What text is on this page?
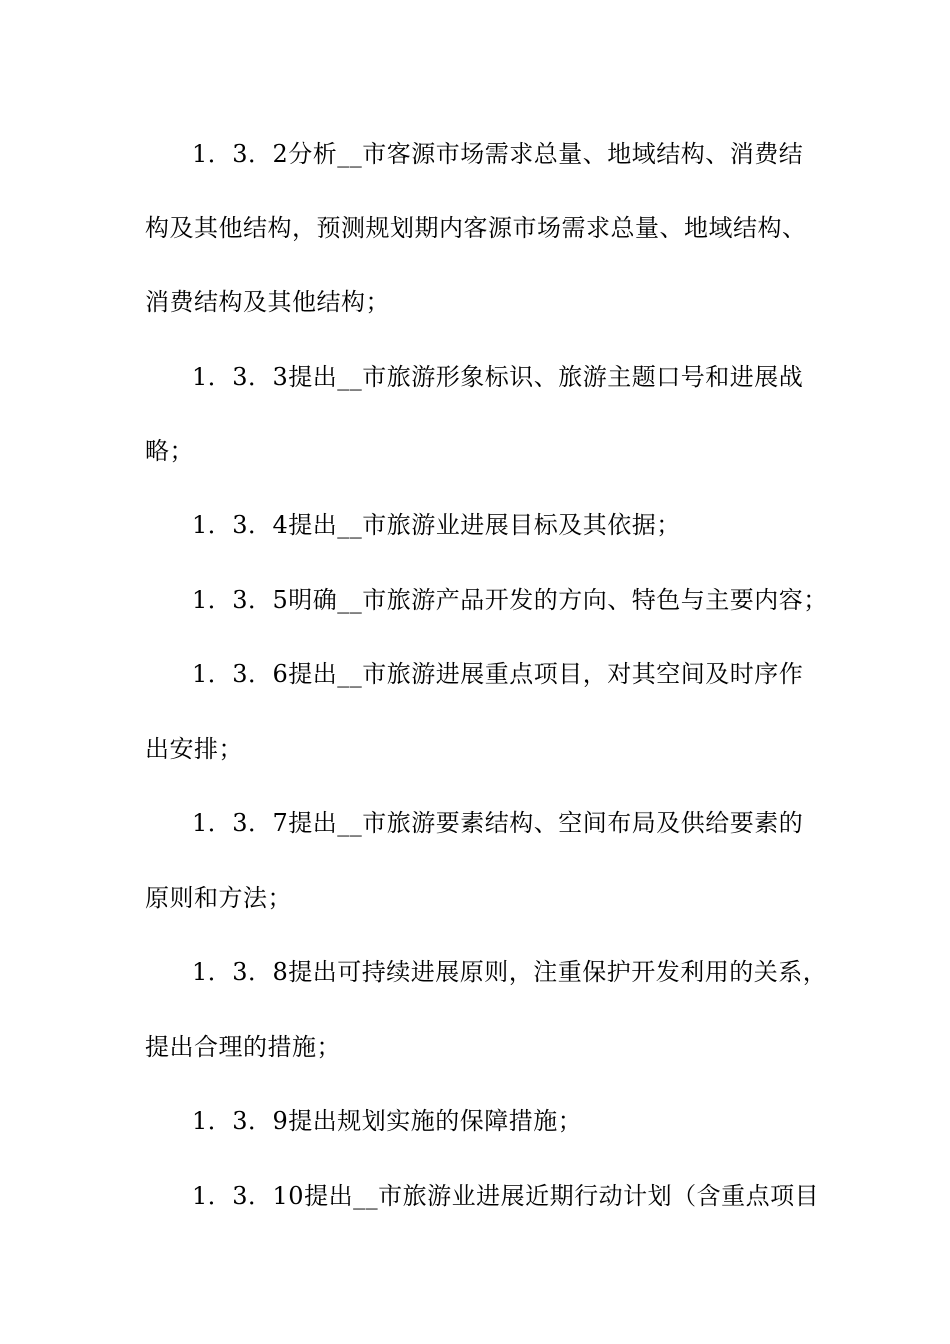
1．3．2分析__市客源市场需求总量、地域结构、消费结
构及其他结构，预测规划期内客源市场需求总量、地域结构、
消费结构及其他结构；
1．3．3提出__市旅游形象标识、旅游主题口号和进展战
略；
1．3．4提出__市旅游业进展目标及其依据；
1．3．5明确__市旅游产品开发的方向、特色与主要内容；
1．3．6提出__市旅游进展重点项目，对其空间及时序作
出安排；
1．3．7提出__市旅游要素结构、空间布局及供给要素的
原则和方法；
1．3．8提出可持续进展原则，注重保护开发利用的关系，
提出合理的措施；
1．3．9提出规划实施的保障措施；
1．3．10提出__市旅游业进展近期行动计划（含重点项目
